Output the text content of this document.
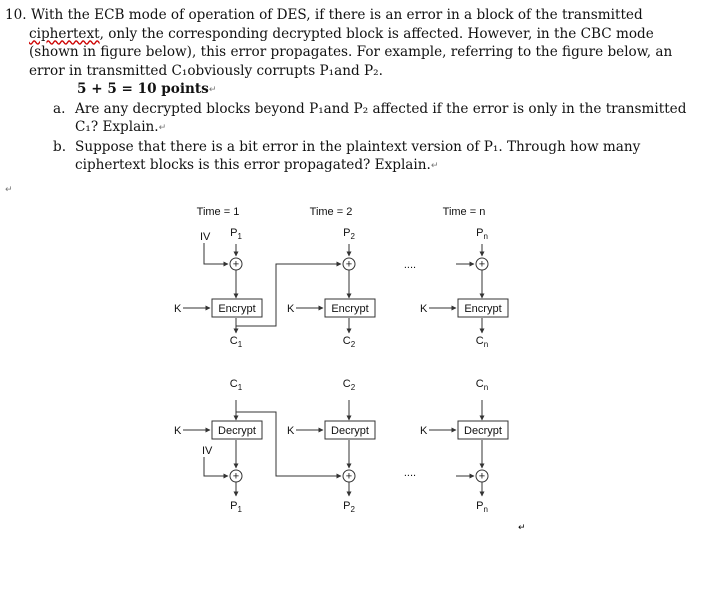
10. With the ECB mode of operation of DES, if there is an error in a block of the transmitted
ciphertext, only the corresponding decrypted block is affected. However, in the CBC mode
(shown in figure below), this error propagates. For example, referring to the figure below, an
error in transmitted C₁obviously corrupts P₁and P₂.
5 + 5 = 10 points↵
a. Are any decrypted blocks beyond P₁and P₂ affected if the error is only in the transmitted
C₁? Explain.↵
b. Suppose that there is a bit error in the plaintext version of P₁. Through how many
ciphertext blocks is this error propagated? Explain.↵
↵
Time = 1
$P_1$
+
Encrypt
K
$C_1$
$C_1$
Decrypt
K
+
$P_1$
Time = 2
$P_2$
+
Encrypt
K
$C_2$
$C_2$
Decrypt
K
+
$P_2$
Time = n
$P_n$
+
Encrypt
K
$C_n$
$C_n$
Decrypt
K
+
$P_n$
....
....
IV
IV
↵
